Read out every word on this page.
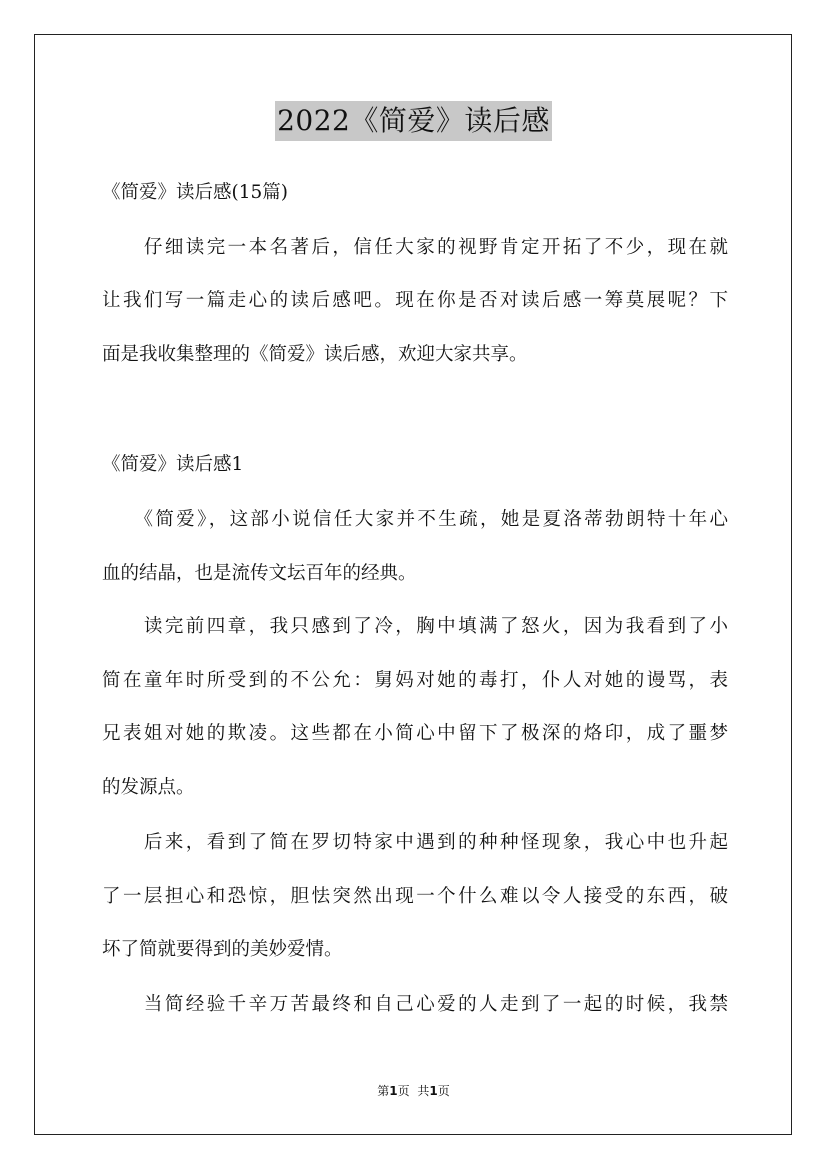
2022《简爱》读后感
《简爱》读后感(15篇)
　　仔细读完一本名著后，信任大家的视野肯定开拓了不少，现在就
让我们写一篇走心的读后感吧。现在你是否对读后感一筹莫展呢？下
面是我收集整理的《简爱》读后感，欢迎大家共享。
《简爱》读后感1
　　《简爱》，这部小说信任大家并不生疏，她是夏洛蒂勃朗特十年心
血的结晶，也是流传文坛百年的经典。
　　读完前四章，我只感到了冷，胸中填满了怒火，因为我看到了小
简在童年时所受到的不公允：舅妈对她的毒打，仆人对她的谩骂，表
兄表姐对她的欺凌。这些都在小简心中留下了极深的烙印，成了噩梦
的发源点。
　　后来，看到了简在罗切特家中遇到的种种怪现象，我心中也升起
了一层担心和恐惊，胆怯突然出现一个什么难以令人接受的东西，破
坏了简就要得到的美妙爱情。
　　当简经验千辛万苦最终和自己心爱的人走到了一起的时候，我禁
第1页 共1页
